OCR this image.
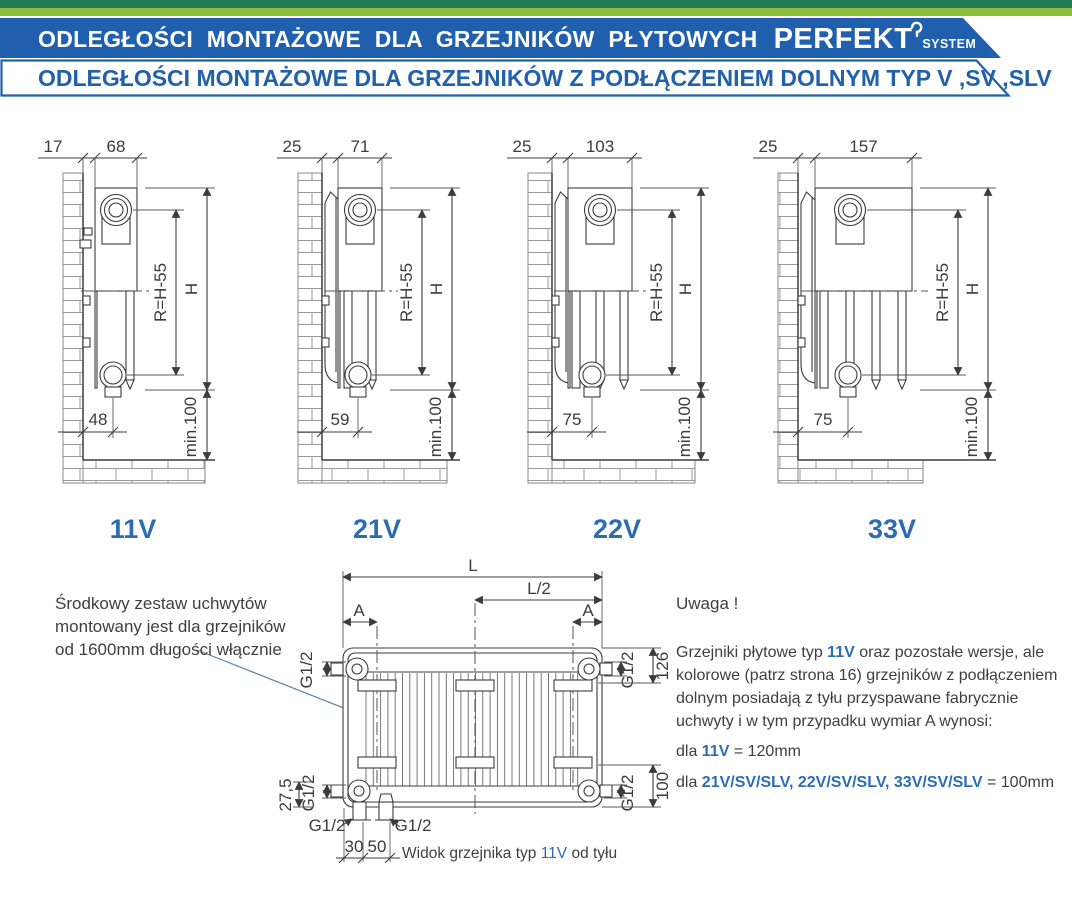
ODLEGŁOŚCI MONTAŻOWE DLA GRZEJNIKÓW PŁYTOWYCH PERFEKT SYSTEM
ODLEGŁOŚCI MONTAŻOWE DLA GRZEJNIKÓW Z PODŁĄCZENIEM DOLNYM TYP V ,SV ,SLV
17	68
H
R=H-55
min.100
48
11V
25	71
H
R=H-55
min.100
59
21V
25	103
H
R=H-55
min.100
75
22V
25	157
H
R=H-55
min.100
75
33V
L
L/2
A	A
G1/2
G1/2
27,5
G1/2	G1/2
30 50
G1/2 126
G1/2 100
Widok grzejnika typ 11V od tyłu
Środkowy zestaw uchwytów
montowany jest dla grzejników
od 1600mm długości włącznie

Uwaga !

Grzejniki płytowe typ 11V oraz pozostałe wersje, ale kolorowe (patrz strona 16) grzejników z podłączeniem dolnym posiadają z tyłu przyspawane fabrycznie uchwyty i w tym przypadku wymiar A wynosi:

dla 11V = 120mm

dla 21V/SV/SLV, 22V/SV/SLV, 33V/SV/SLV = 100mm
